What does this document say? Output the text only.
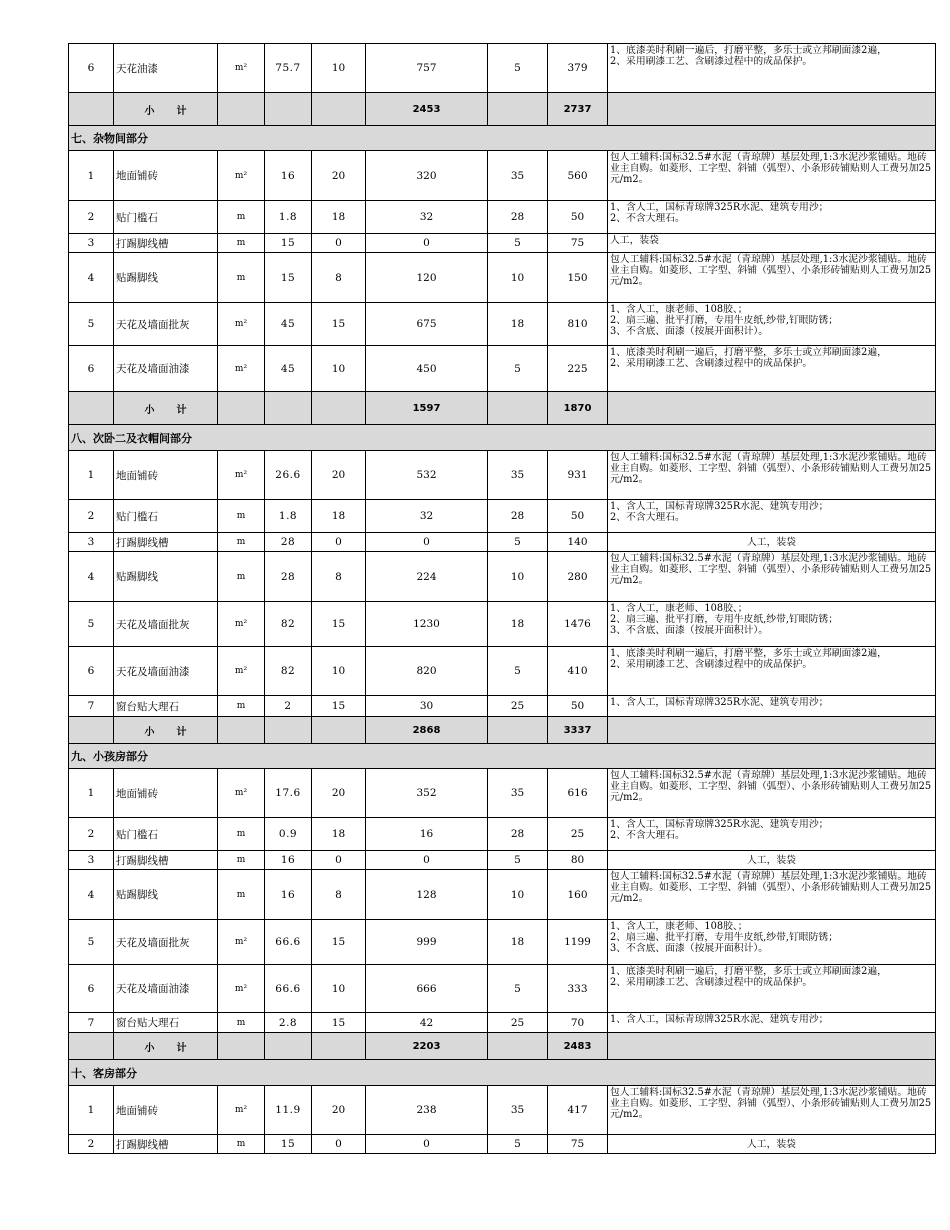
6	天花油漆	m²	75.7	10	757	5	379	1、底漆美时利刷一遍后，打磨平整，多乐士或立邦刷面漆2遍，
2、采用刷漆工艺、含刷漆过程中的成品保护。
	小计				2453		2737	
七、杂物间部分								
1	地面铺砖	m²	16	20	320	35	560	包人工辅料:国标32.5#水泥（青琼牌）基层处理,1:3水泥沙浆铺贴。地砖业主自购。如菱形、工字型、斜铺（弧型）、小条形砖铺贴则人工费另加25元/m2。
2	贴门槛石	m	1.8	18	32	28	50	1、含人工，国标青琼牌325R水泥、建筑专用沙；
2、不含大理石。
3	打踢脚线槽	m	15	0	0	5	75	人工，装袋
4	贴踢脚线	m	15	8	120	10	150	包人工辅料:国标32.5#水泥（青琼牌）基层处理,1:3水泥沙浆铺贴。地砖业主自购。如菱形、工字型、斜铺（弧型）、小条形砖铺贴则人工费另加25元/m2。
5	天花及墙面批灰	m²	45	15	675	18	810	1、含人工，康老师、108胶、；
2、扇三遍、批平打磨，专用牛皮纸,纱带,钉眼防锈；
3、不含底、面漆（按展开面积计）。
6	天花及墙面油漆	m²	45	10	450	5	225	1、底漆美时利刷一遍后，打磨平整，多乐士或立邦刷面漆2遍，
2、采用刷漆工艺、含刷漆过程中的成品保护。
	小计				1597		1870	
八、次卧二及衣帽间部分								
1	地面铺砖	m²	26.6	20	532	35	931	包人工辅料:国标32.5#水泥（青琼牌）基层处理,1:3水泥沙浆铺贴。地砖业主自购。如菱形、工字型、斜铺（弧型）、小条形砖铺贴则人工费另加25元/m2。
2	贴门槛石	m	1.8	18	32	28	50	1、含人工，国标青琼牌325R水泥、建筑专用沙；
2、不含大理石。
3	打踢脚线槽	m	28	0	0	5	140	人工，装袋
4	贴踢脚线	m	28	8	224	10	280	包人工辅料:国标32.5#水泥（青琼牌）基层处理,1:3水泥沙浆铺贴。地砖业主自购。如菱形、工字型、斜铺（弧型）、小条形砖铺贴则人工费另加25元/m2。
5	天花及墙面批灰	m²	82	15	1230	18	1476	1、含人工，康老师、108胶、；
2、扇三遍、批平打磨，专用牛皮纸,纱带,钉眼防锈；
3、不含底、面漆（按展开面积计）。
6	天花及墙面油漆	m²	82	10	820	5	410	1、底漆美时利刷一遍后，打磨平整，多乐士或立邦刷面漆2遍，
2、采用刷漆工艺、含刷漆过程中的成品保护。
7	窗台贴大理石	m	2	15	30	25	50	1、含人工，国标青琼牌325R水泥、建筑专用沙；
	小计				2868		3337	
九、小孩房部分								
1	地面铺砖	m²	17.6	20	352	35	616	包人工辅料:国标32.5#水泥（青琼牌）基层处理,1:3水泥沙浆铺贴。地砖业主自购。如菱形、工字型、斜铺（弧型）、小条形砖铺贴则人工费另加25元/m2。
2	贴门槛石	m	0.9	18	16	28	25	1、含人工，国标青琼牌325R水泥、建筑专用沙；
2、不含大理石。
3	打踢脚线槽	m	16	0	0	5	80	人工，装袋
4	贴踢脚线	m	16	8	128	10	160	包人工辅料:国标32.5#水泥（青琼牌）基层处理,1:3水泥沙浆铺贴。地砖业主自购。如菱形、工字型、斜铺（弧型）、小条形砖铺贴则人工费另加25元/m2。
5	天花及墙面批灰	m²	66.6	15	999	18	1199	1、含人工，康老师、108胶、；
2、扇三遍、批平打磨，专用牛皮纸,纱带,钉眼防锈；
3、不含底、面漆（按展开面积计）。
6	天花及墙面油漆	m²	66.6	10	666	5	333	1、底漆美时利刷一遍后，打磨平整，多乐士或立邦刷面漆2遍，
2、采用刷漆工艺、含刷漆过程中的成品保护。
7	窗台贴大理石	m	2.8	15	42	25	70	1、含人工，国标青琼牌325R水泥、建筑专用沙；
	小计				2203		2483	
十、客房部分								
1	地面铺砖	m²	11.9	20	238	35	417	包人工辅料:国标32.5#水泥（青琼牌）基层处理,1:3水泥沙浆铺贴。地砖业主自购。如菱形、工字型、斜铺（弧型）、小条形砖铺贴则人工费另加25元/m2。
2	打踢脚线槽	m	15	0	0	5	75	人工，装袋
